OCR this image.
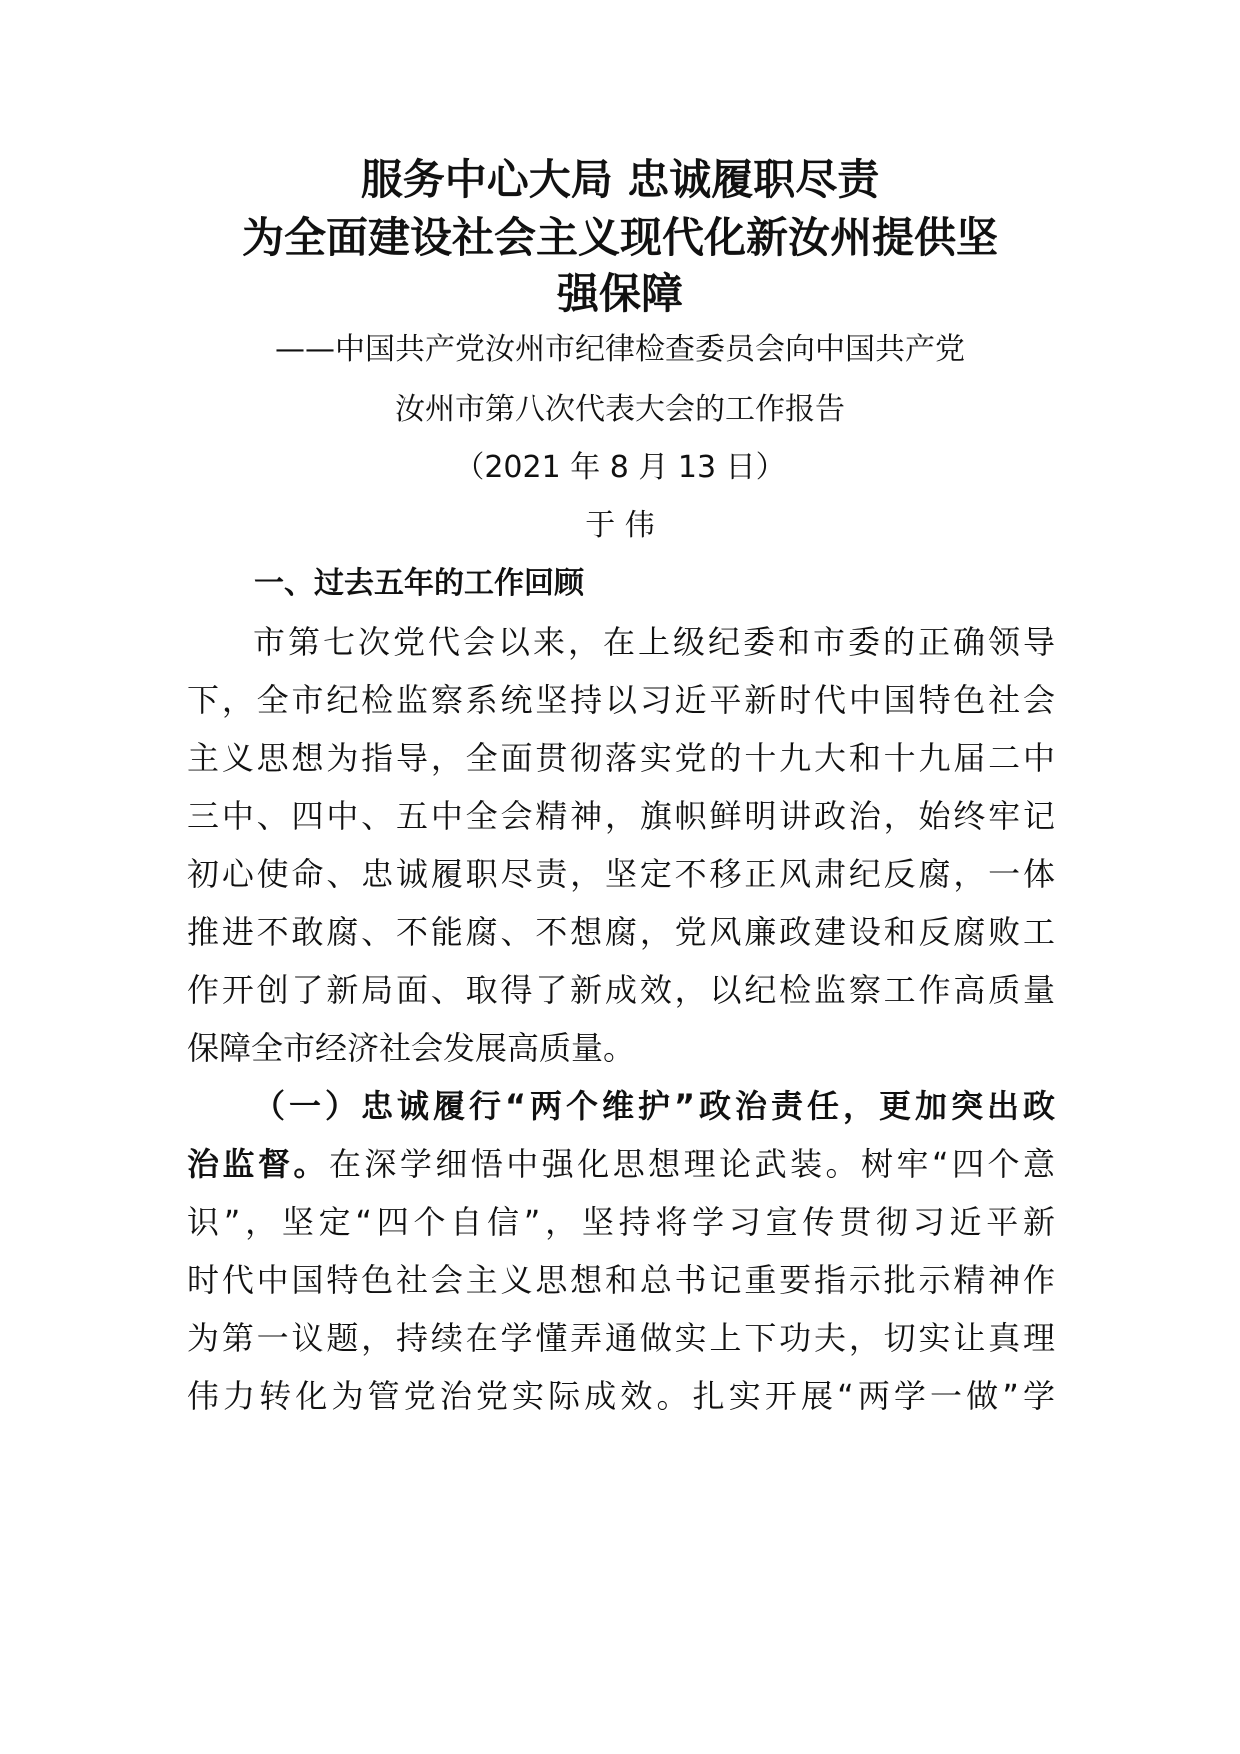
服务中心大局 忠诚履职尽责
为全面建设社会主义现代化新汝州提供坚
强保障
——中国共产党汝州市纪律检查委员会向中国共产党
汝州市第八次代表大会的工作报告
（2021 年 8 月 13 日）
于 伟
一、过去五年的工作回顾
市第七次党代会以来，在上级纪委和市委的正确领导
下，全市纪检监察系统坚持以习近平新时代中国特色社会
主义思想为指导，全面贯彻落实党的十九大和十九届二中
三中、四中、五中全会精神，旗帜鲜明讲政治，始终牢记
初心使命、忠诚履职尽责，坚定不移正风肃纪反腐，一体
推进不敢腐、不能腐、不想腐，党风廉政建设和反腐败工
作开创了新局面、取得了新成效，以纪检监察工作高质量
保障全市经济社会发展高质量。
（一）忠诚履行“两个维护”政治责任，更加突出政
治监督。在深学细悟中强化思想理论武装。树牢“四个意
识”，坚定“四个自信”，坚持将学习宣传贯彻习近平新
时代中国特色社会主义思想和总书记重要指示批示精神作
为第一议题，持续在学懂弄通做实上下功夫，切实让真理
伟力转化为管党治党实际成效。扎实开展“两学一做”学
